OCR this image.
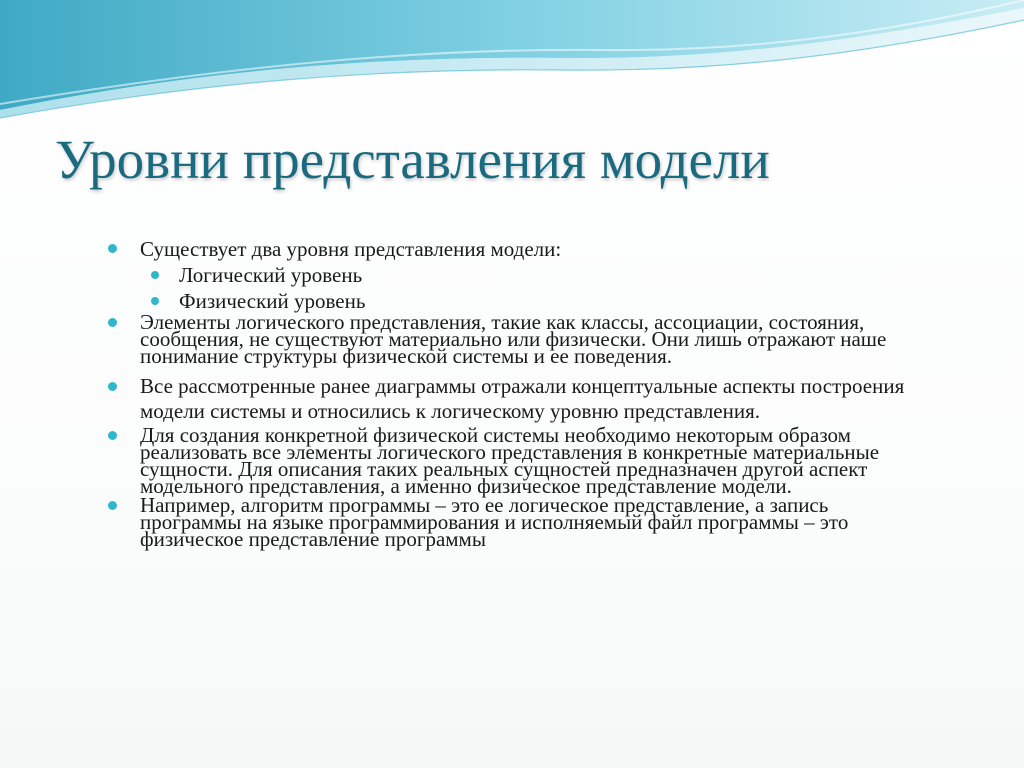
Уровни представления модели

Существует два уровня представления модели:

Логический уровень

Физический уровень

Элементы логического представления, такие как классы, ассоциации, состояния, сообщения, не существуют материально или физически. Они лишь отражают наше понимание структуры физической системы и ее поведения.

Все рассмотренные ранее диаграммы отражали концептуальные аспекты построения модели системы и относились к логическому уровню представления.

Для создания конкретной физической системы необходимо некоторым образом реализовать все элементы логического представления в конкретные материальные сущности. Для описания таких реальных сущностей предназначен другой аспект модельного представления, а именно физическое представление модели.

Например, алгоритм программы – это ее логическое представление, а запись программы на языке программирования и исполняемый файл программы – это физическое представление программы
